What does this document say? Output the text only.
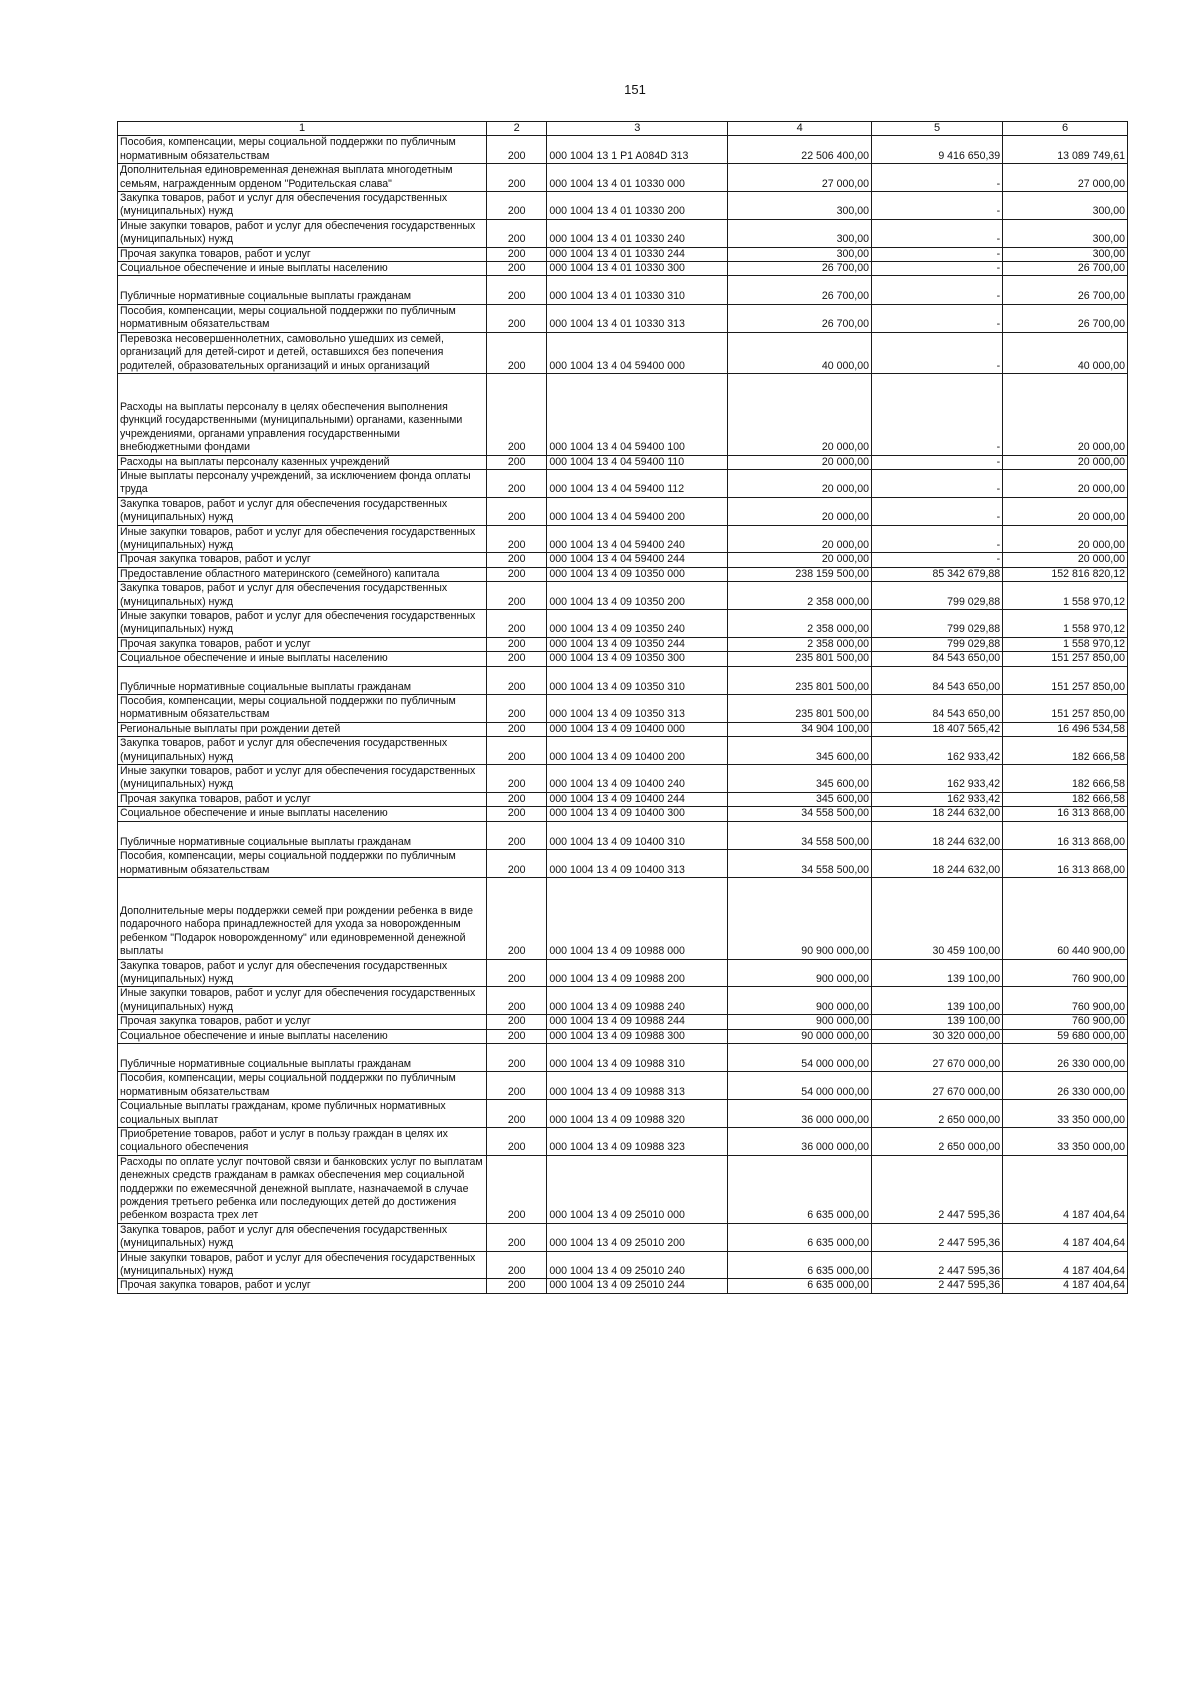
151
1	2	3	4	5	6
Пособия, компенсации, меры социальной поддержки по публичным нормативным обязательствам	200	000 1004 13 1 P1 A084D 313	22 506 400,00	9 416 650,39	13 089 749,61
Дополнительная единовременная денежная выплата многодетным семьям, награжденным орденом "Родительская слава"	200	000 1004 13 4 01 10330 000	27 000,00	-	27 000,00
Закупка товаров, работ и услуг для обеспечения государственных (муниципальных) нужд	200	000 1004 13 4 01 10330 200	300,00	-	300,00
Иные закупки товаров, работ и услуг для обеспечения государственных (муниципальных) нужд	200	000 1004 13 4 01 10330 240	300,00	-	300,00
Прочая закупка товаров, работ и услуг	200	000 1004 13 4 01 10330 244	300,00	-	300,00
Социальное обеспечение и иные выплаты населению	200	000 1004 13 4 01 10330 300	26 700,00	-	26 700,00
Публичные нормативные социальные выплаты гражданам	200	000 1004 13 4 01 10330 310	26 700,00	-	26 700,00
Пособия, компенсации, меры социальной поддержки по публичным нормативным обязательствам	200	000 1004 13 4 01 10330 313	26 700,00	-	26 700,00
Перевозка несовершеннолетних, самовольно ушедших из семей, организаций для детей-сирот и детей, оставшихся без попечения родителей, образовательных организаций и иных организаций	200	000 1004 13 4 04 59400 000	40 000,00	-	40 000,00
Расходы на выплаты персоналу в целях обеспечения выполнения функций государственными (муниципальными) органами, казенными учреждениями, органами управления государственными внебюджетными фондами	200	000 1004 13 4 04 59400 100	20 000,00	-	20 000,00
Расходы на выплаты персоналу казенных учреждений	200	000 1004 13 4 04 59400 110	20 000,00	-	20 000,00
Иные выплаты персоналу учреждений, за исключением фонда оплаты труда	200	000 1004 13 4 04 59400 112	20 000,00	-	20 000,00
Закупка товаров, работ и услуг для обеспечения государственных (муниципальных) нужд	200	000 1004 13 4 04 59400 200	20 000,00	-	20 000,00
Иные закупки товаров, работ и услуг для обеспечения государственных (муниципальных) нужд	200	000 1004 13 4 04 59400 240	20 000,00	-	20 000,00
Прочая закупка товаров, работ и услуг	200	000 1004 13 4 04 59400 244	20 000,00	-	20 000,00
Предоставление областного материнского (семейного) капитала	200	000 1004 13 4 09 10350 000	238 159 500,00	85 342 679,88	152 816 820,12
Закупка товаров, работ и услуг для обеспечения государственных (муниципальных) нужд	200	000 1004 13 4 09 10350 200	2 358 000,00	799 029,88	1 558 970,12
Иные закупки товаров, работ и услуг для обеспечения государственных (муниципальных) нужд	200	000 1004 13 4 09 10350 240	2 358 000,00	799 029,88	1 558 970,12
Прочая закупка товаров, работ и услуг	200	000 1004 13 4 09 10350 244	2 358 000,00	799 029,88	1 558 970,12
Социальное обеспечение и иные выплаты населению	200	000 1004 13 4 09 10350 300	235 801 500,00	84 543 650,00	151 257 850,00
Публичные нормативные социальные выплаты гражданам	200	000 1004 13 4 09 10350 310	235 801 500,00	84 543 650,00	151 257 850,00
Пособия, компенсации, меры социальной поддержки по публичным нормативным обязательствам	200	000 1004 13 4 09 10350 313	235 801 500,00	84 543 650,00	151 257 850,00
Региональные выплаты при рождении детей	200	000 1004 13 4 09 10400 000	34 904 100,00	18 407 565,42	16 496 534,58
Закупка товаров, работ и услуг для обеспечения государственных (муниципальных) нужд	200	000 1004 13 4 09 10400 200	345 600,00	162 933,42	182 666,58
Иные закупки товаров, работ и услуг для обеспечения государственных (муниципальных) нужд	200	000 1004 13 4 09 10400 240	345 600,00	162 933,42	182 666,58
Прочая закупка товаров, работ и услуг	200	000 1004 13 4 09 10400 244	345 600,00	162 933,42	182 666,58
Социальное обеспечение и иные выплаты населению	200	000 1004 13 4 09 10400 300	34 558 500,00	18 244 632,00	16 313 868,00
Публичные нормативные социальные выплаты гражданам	200	000 1004 13 4 09 10400 310	34 558 500,00	18 244 632,00	16 313 868,00
Пособия, компенсации, меры социальной поддержки по публичным нормативным обязательствам	200	000 1004 13 4 09 10400 313	34 558 500,00	18 244 632,00	16 313 868,00
Дополнительные меры поддержки семей при рождении ребенка в виде подарочного набора принадлежностей для ухода за новорожденным ребенком "Подарок новорожденному" или единовременной денежной выплаты	200	000 1004 13 4 09 10988 000	90 900 000,00	30 459 100,00	60 440 900,00
Закупка товаров, работ и услуг для обеспечения государственных (муниципальных) нужд	200	000 1004 13 4 09 10988 200	900 000,00	139 100,00	760 900,00
Иные закупки товаров, работ и услуг для обеспечения государственных (муниципальных) нужд	200	000 1004 13 4 09 10988 240	900 000,00	139 100,00	760 900,00
Прочая закупка товаров, работ и услуг	200	000 1004 13 4 09 10988 244	900 000,00	139 100,00	760 900,00
Социальное обеспечение и иные выплаты населению	200	000 1004 13 4 09 10988 300	90 000 000,00	30 320 000,00	59 680 000,00
Публичные нормативные социальные выплаты гражданам	200	000 1004 13 4 09 10988 310	54 000 000,00	27 670 000,00	26 330 000,00
Пособия, компенсации, меры социальной поддержки по публичным нормативным обязательствам	200	000 1004 13 4 09 10988 313	54 000 000,00	27 670 000,00	26 330 000,00
Социальные выплаты гражданам, кроме публичных нормативных социальных выплат	200	000 1004 13 4 09 10988 320	36 000 000,00	2 650 000,00	33 350 000,00
Приобретение товаров, работ и услуг в пользу граждан в целях их социального обеспечения	200	000 1004 13 4 09 10988 323	36 000 000,00	2 650 000,00	33 350 000,00
Расходы по оплате услуг почтовой связи и банковских услуг по выплатам денежных средств гражданам в рамках обеспечения мер социальной поддержки по ежемесячной денежной выплате, назначаемой в случае рождения третьего ребенка или последующих детей до достижения ребенком возраста трех лет	200	000 1004 13 4 09 25010 000	6 635 000,00	2 447 595,36	4 187 404,64
Закупка товаров, работ и услуг для обеспечения государственных (муниципальных) нужд	200	000 1004 13 4 09 25010 200	6 635 000,00	2 447 595,36	4 187 404,64
Иные закупки товаров, работ и услуг для обеспечения государственных (муниципальных) нужд	200	000 1004 13 4 09 25010 240	6 635 000,00	2 447 595,36	4 187 404,64
Прочая закупка товаров, работ и услуг	200	000 1004 13 4 09 25010 244	6 635 000,00	2 447 595,36	4 187 404,64
